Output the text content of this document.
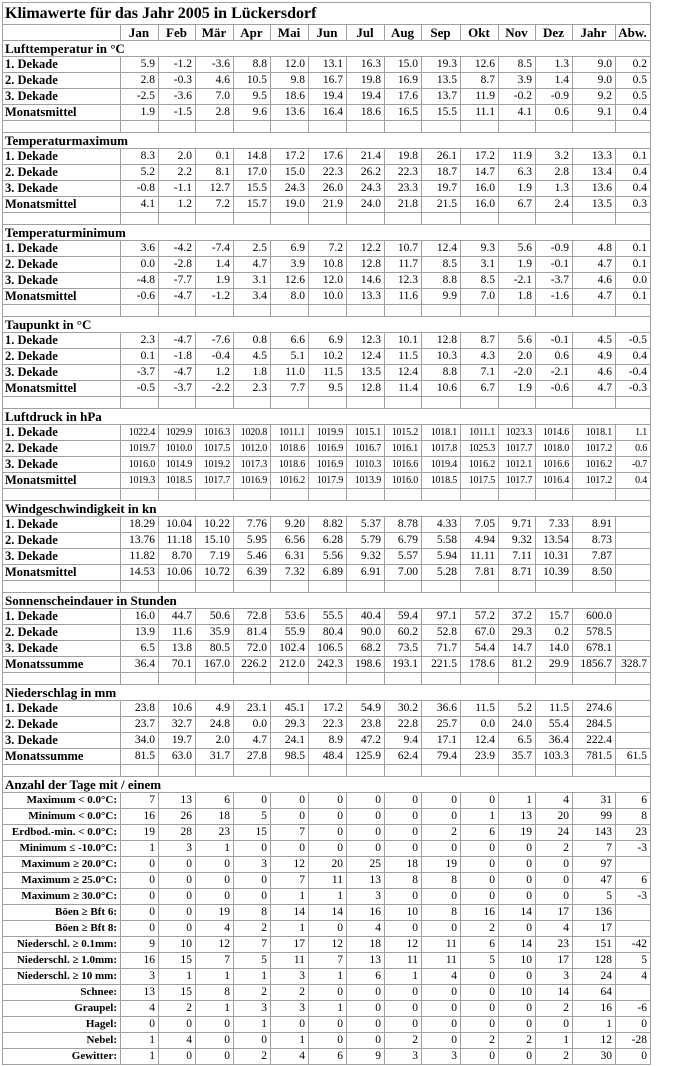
Klimawerte für das Jahr 2005 in Lückersdorf														
	Jan	Feb	Mär	Apr	Mai	Jun	Jul	Aug	Sep	Okt	Nov	Dez	Jahr	Abw.
Lufttemperatur in °C														
1. Dekade	5.9	-1.2	-3.6	8.8	12.0	13.1	16.3	15.0	19.3	12.6	8.5	1.3	9.0	0.2
2. Dekade	2.8	-0.3	4.6	10.5	9.8	16.7	19.8	16.9	13.5	8.7	3.9	1.4	9.0	0.5
3. Dekade	-2.5	-3.6	7.0	9.5	18.6	19.4	19.4	17.6	13.7	11.9	-0.2	-0.9	9.2	0.5
Monatsmittel	1.9	-1.5	2.8	9.6	13.6	16.4	18.6	16.5	15.5	11.1	4.1	0.6	9.1	0.4

Temperaturmaximum														
1. Dekade	8.3	2.0	0.1	14.8	17.2	17.6	21.4	19.8	26.1	17.2	11.9	3.2	13.3	0.1
2. Dekade	5.2	2.2	8.1	17.0	15.0	22.3	26.2	22.3	18.7	14.7	6.3	2.8	13.4	0.4
3. Dekade	-0.8	-1.1	12.7	15.5	24.3	26.0	24.3	23.3	19.7	16.0	1.9	1.3	13.6	0.4
Monatsmittel	4.1	1.2	7.2	15.7	19.0	21.9	24.0	21.8	21.5	16.0	6.7	2.4	13.5	0.3

Temperaturminimum														
1. Dekade	3.6	-4.2	-7.4	2.5	6.9	7.2	12.2	10.7	12.4	9.3	5.6	-0.9	4.8	0.1
2. Dekade	0.0	-2.8	1.4	4.7	3.9	10.8	12.8	11.7	8.5	3.1	1.9	-0.1	4.7	0.1
3. Dekade	-4.8	-7.7	1.9	3.1	12.6	12.0	14.6	12.3	8.8	8.5	-2.1	-3.7	4.6	0.0
Monatsmittel	-0.6	-4.7	-1.2	3.4	8.0	10.0	13.3	11.6	9.9	7.0	1.8	-1.6	4.7	0.1

Taupunkt in °C														
1. Dekade	2.3	-4.7	-7.6	0.8	6.6	6.9	12.3	10.1	12.8	8.7	5.6	-0.1	4.5	-0.5
2. Dekade	0.1	-1.8	-0.4	4.5	5.1	10.2	12.4	11.5	10.3	4.3	2.0	0.6	4.9	0.4
3. Dekade	-3.7	-4.7	1.2	1.8	11.0	11.5	13.5	12.4	8.8	7.1	-2.0	-2.1	4.6	-0.4
Monatsmittel	-0.5	-3.7	-2.2	2.3	7.7	9.5	12.8	11.4	10.6	6.7	1.9	-0.6	4.7	-0.3

Luftdruck in hPa														
1. Dekade	1022.4	1029.9	1016.3	1020.8	1011.1	1019.9	1015.1	1015.2	1018.1	1011.1	1023.3	1014.6	1018.1	1.1
2. Dekade	1019.7	1010.0	1017.5	1012.0	1018.6	1016.9	1016.7	1016.1	1017.8	1025.3	1017.7	1018.0	1017.2	0.6
3. Dekade	1016.0	1014.9	1019.2	1017.3	1018.6	1016.9	1010.3	1016.6	1019.4	1016.2	1012.1	1016.6	1016.2	-0.7
Monatsmittel	1019.3	1018.5	1017.7	1016.9	1016.2	1017.9	1013.9	1016.0	1018.5	1017.5	1017.7	1016.4	1017.2	0.4

Windgeschwindigkeit in kn														
1. Dekade	18.29	10.04	10.22	7.76	9.20	8.82	5.37	8.78	4.33	7.05	9.71	7.33	8.91	
2. Dekade	13.76	11.18	15.10	5.95	6.56	6.28	5.79	6.79	5.58	4.94	9.32	13.54	8.73	
3. Dekade	11.82	8.70	7.19	5.46	6.31	5.56	9.32	5.57	5.94	11.11	7.11	10.31	7.87	
Monatsmittel	14.53	10.06	10.72	6.39	7.32	6.89	6.91	7.00	5.28	7.81	8.71	10.39	8.50	

Sonnenscheindauer in Stunden														
1. Dekade	16.0	44.7	50.6	72.8	53.6	55.5	40.4	59.4	97.1	57.2	37.2	15.7	600.0	
2. Dekade	13.9	11.6	35.9	81.4	55.9	80.4	90.0	60.2	52.8	67.0	29.3	0.2	578.5	
3. Dekade	6.5	13.8	80.5	72.0	102.4	106.5	68.2	73.5	71.7	54.4	14.7	14.0	678.1	
Monatssumme	36.4	70.1	167.0	226.2	212.0	242.3	198.6	193.1	221.5	178.6	81.2	29.9	1856.7	328.7

Niederschlag in mm														
1. Dekade	23.8	10.6	4.9	23.1	45.1	17.2	54.9	30.2	36.6	11.5	5.2	11.5	274.6	
2. Dekade	23.7	32.7	24.8	0.0	29.3	22.3	23.8	22.8	25.7	0.0	24.0	55.4	284.5	
3. Dekade	34.0	19.7	2.0	4.7	24.1	8.9	47.2	9.4	17.1	12.4	6.5	36.4	222.4	
Monatssumme	81.5	63.0	31.7	27.8	98.5	48.4	125.9	62.4	79.4	23.9	35.7	103.3	781.5	61.5

Anzahl der Tage mit / einem														
Maximum < 0.0°C:	7	13	6	0	0	0	0	0	0	0	1	4	31	6
Minimum < 0.0°C:	16	26	18	5	0	0	0	0	0	1	13	20	99	8
Erdbod.-min. < 0.0°C:	19	28	23	15	7	0	0	0	2	6	19	24	143	23
Minimum ≤ -10.0°C:	1	3	1	0	0	0	0	0	0	0	0	2	7	-3
Maximum ≥ 20.0°C:	0	0	0	3	12	20	25	18	19	0	0	0	97	
Maximum ≥ 25.0°C:	0	0	0	0	7	11	13	8	8	0	0	0	47	6
Maximum ≥ 30.0°C:	0	0	0	0	1	1	3	0	0	0	0	0	5	-3
Böen ≥ Bft 6:	0	0	19	8	14	14	16	10	8	16	14	17	136	
Böen ≥ Bft 8:	0	0	4	2	1	0	4	0	0	2	0	4	17	
Niederschl. ≥ 0.1mm:	9	10	12	7	17	12	18	12	11	6	14	23	151	-42
Niederschl. ≥ 1.0mm:	16	15	7	5	11	7	13	11	11	5	10	17	128	5
Niederschl. ≥ 10 mm:	3	1	1	1	3	1	6	1	4	0	0	3	24	4
Schnee:	13	15	8	2	2	0	0	0	0	0	10	14	64	
Graupel:	4	2	1	3	3	1	0	0	0	0	0	2	16	-6
Hagel:	0	0	0	1	0	0	0	0	0	0	0	0	1	0
Nebel:	1	4	0	0	1	0	0	2	0	2	2	1	12	-28
Gewitter:	1	0	0	2	4	6	9	3	3	0	0	2	30	0
